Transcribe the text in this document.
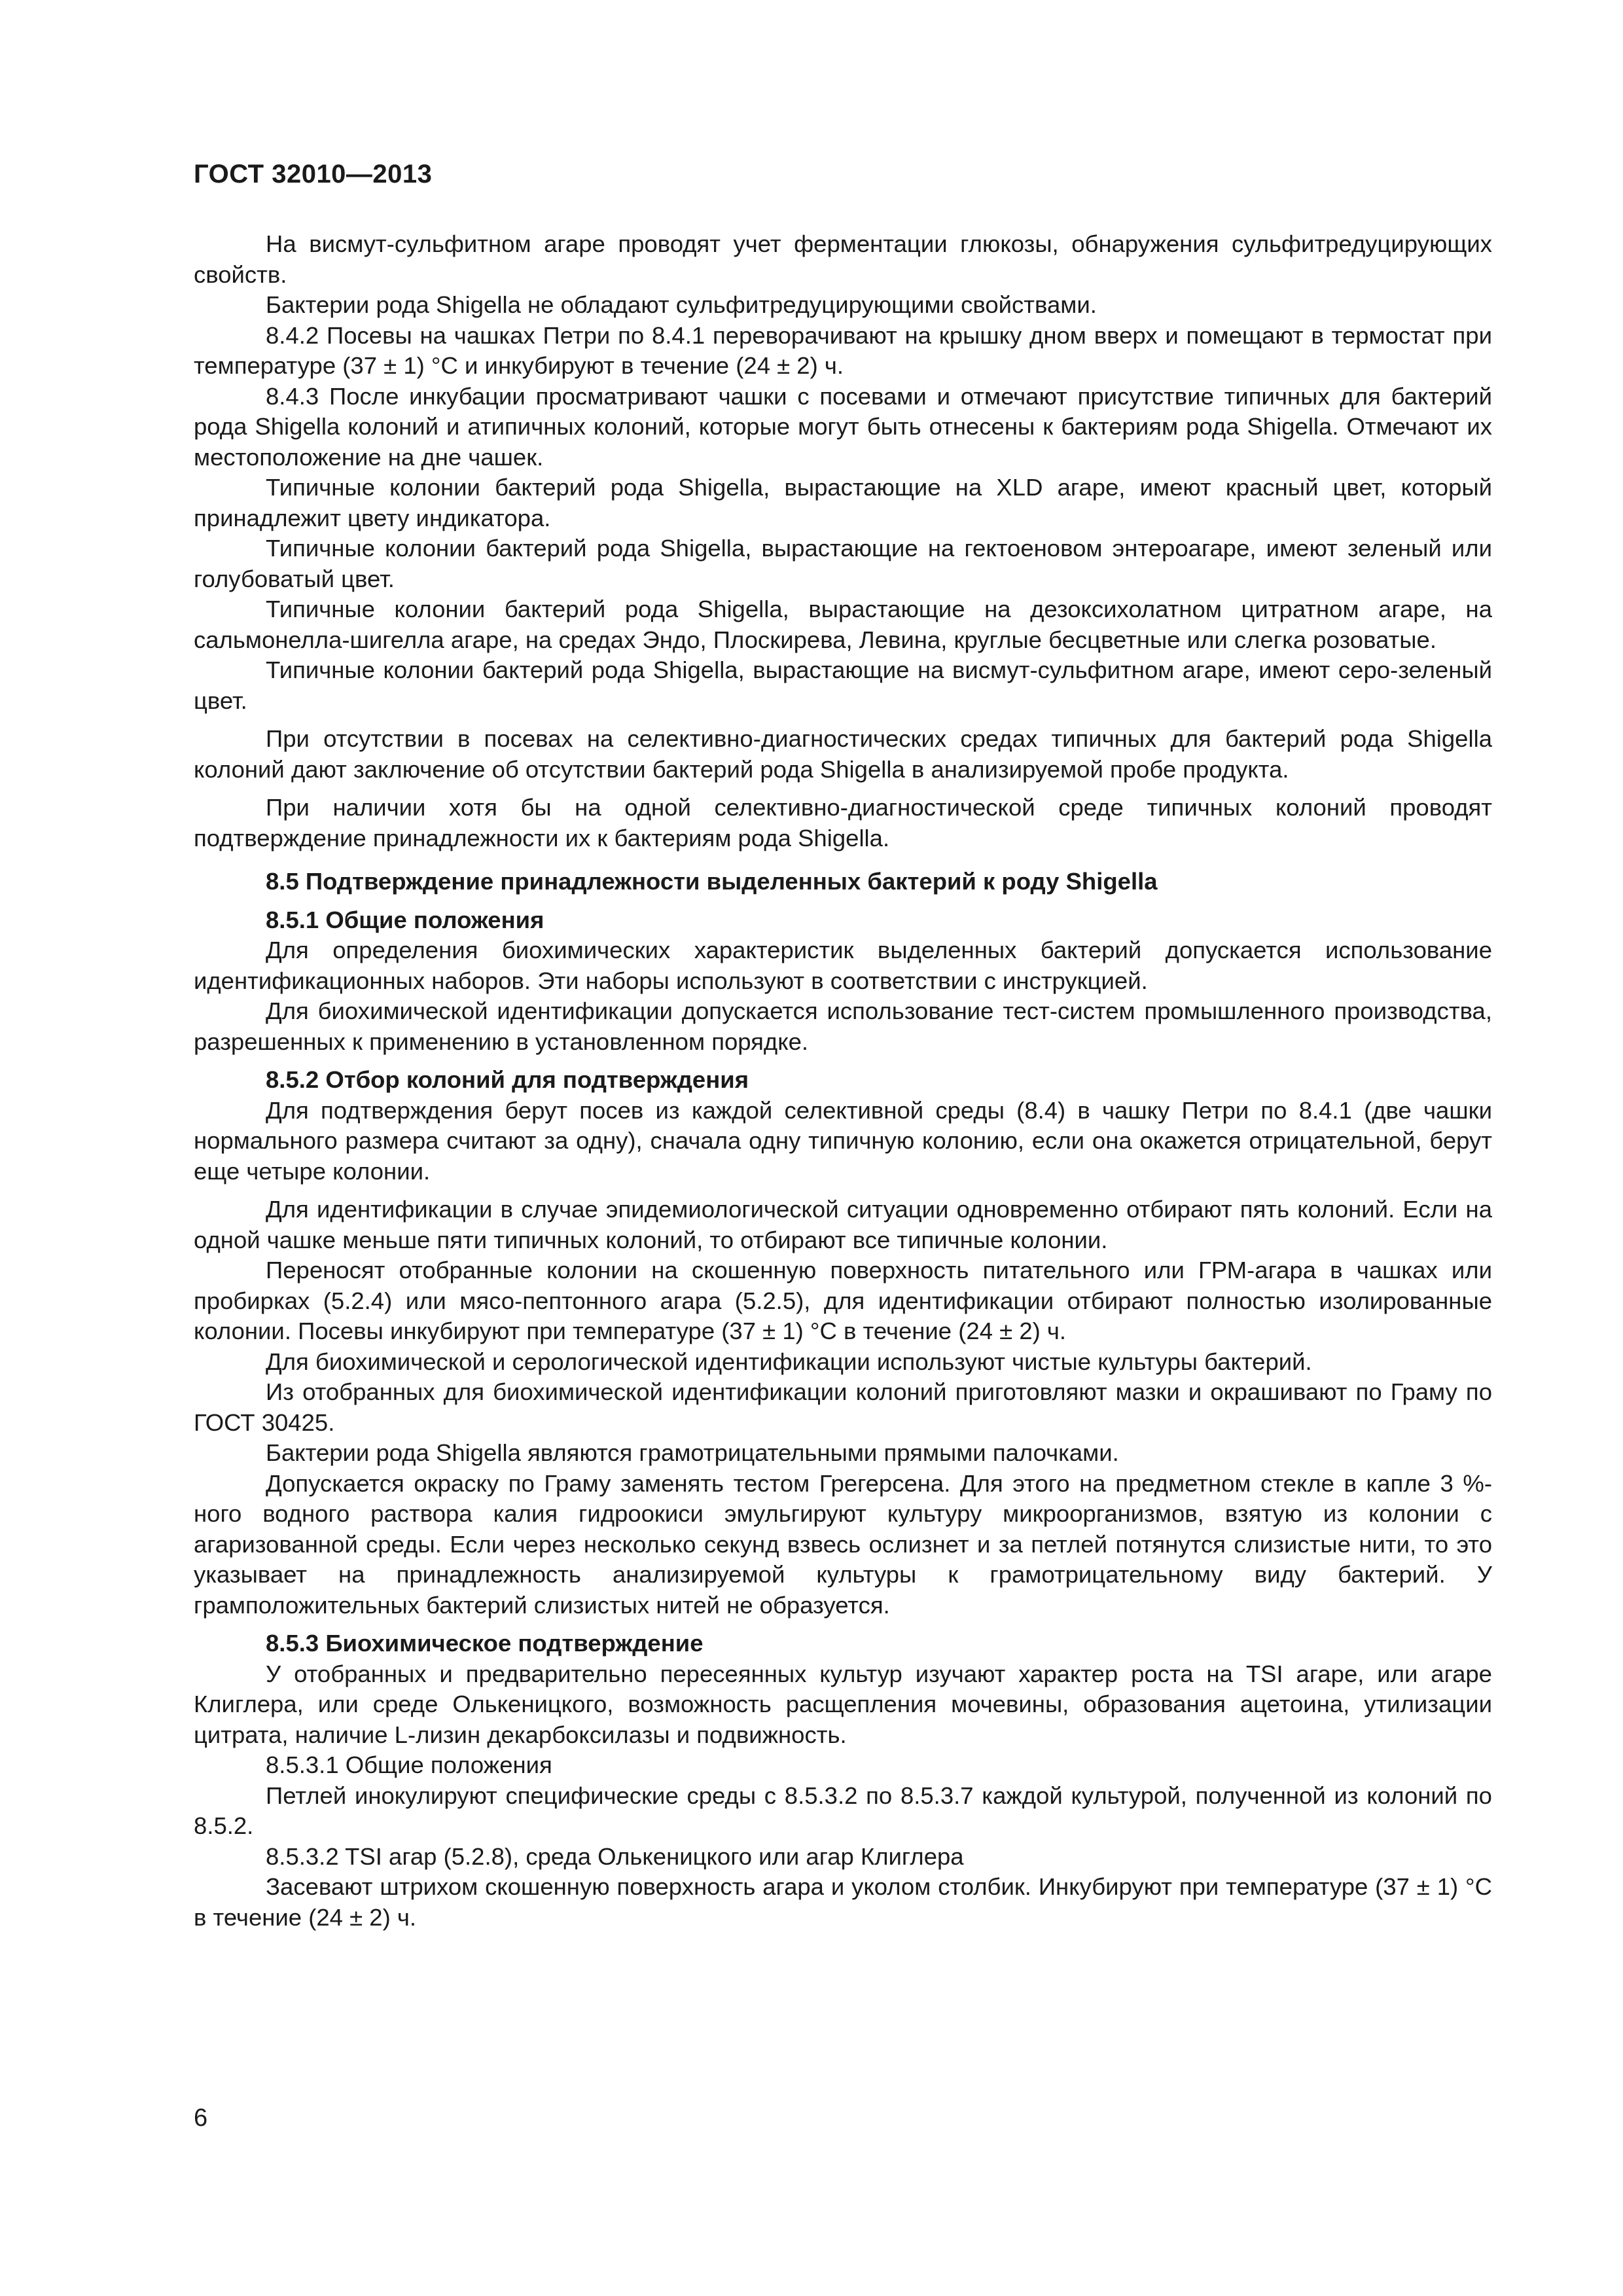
ГОСТ 32010—2013

На висмут-сульфитном агаре проводят учет ферментации глюкозы, обнаружения сульфитредуцирующих свойств.

Бактерии рода Shigella не обладают сульфитредуцирующими свойствами.

8.4.2 Посевы на чашках Петри по 8.4.1 переворачивают на крышку дном вверх и помещают в термостат при температуре (37 ± 1) °С и инкубируют в течение (24 ± 2) ч.

8.4.3 После инкубации просматривают чашки с посевами и отмечают присутствие типичных для бактерий рода Shigella колоний и атипичных колоний, которые могут быть отнесены к бактериям рода Shigella. Отмечают их местоположение на дне чашек.

Типичные колонии бактерий рода Shigella, вырастающие на XLD агаре, имеют красный цвет, который принадлежит цвету индикатора.

Типичные колонии бактерий рода Shigella, вырастающие на гектоеновом энтероагаре, имеют зеленый или голубоватый цвет.

Типичные колонии бактерий рода Shigella, вырастающие на дезоксихолатном цитратном агаре, на сальмонелла-шигелла агаре, на средах Эндо, Плоскирева, Левина, круглые бесцветные или слегка розоватые.

Типичные колонии бактерий рода Shigella, вырастающие на висмут-сульфитном агаре, имеют серо-зеленый цвет.

При отсутствии в посевах на селективно-диагностических средах типичных для бактерий рода Shigella колоний дают заключение об отсутствии бактерий рода Shigella в анализируемой пробе продукта.

При наличии хотя бы на одной селективно-диагностической среде типичных колоний проводят подтверждение принадлежности их к бактериям рода Shigella.

8.5 Подтверждение принадлежности выделенных бактерий к роду Shigella

8.5.1 Общие положения

Для определения биохимических характеристик выделенных бактерий допускается использование идентификационных наборов. Эти наборы используют в соответствии с инструкцией.

Для биохимической идентификации допускается использование тест-систем промышленного производства, разрешенных к применению в установленном порядке.

8.5.2 Отбор колоний для подтверждения

Для подтверждения берут посев из каждой селективной среды (8.4) в чашку Петри по 8.4.1 (две чашки нормального размера считают за одну), сначала одну типичную колонию, если она окажется отрицательной, берут еще четыре колонии.

Для идентификации в случае эпидемиологической ситуации одновременно отбирают пять колоний. Если на одной чашке меньше пяти типичных колоний, то отбирают все типичные колонии.

Переносят отобранные колонии на скошенную поверхность питательного или ГРМ-агара в чашках или пробирках (5.2.4) или мясо-пептонного агара (5.2.5), для идентификации отбирают полностью изолированные колонии. Посевы инкубируют при температуре (37 ± 1) °С в течение (24 ± 2) ч.

Для биохимической и серологической идентификации используют чистые культуры бактерий.

Из отобранных для биохимической идентификации колоний приготовляют мазки и окрашивают по Граму по ГОСТ 30425.

Бактерии рода Shigella являются грамотрицательными прямыми палочками.

Допускается окраску по Граму заменять тестом Грегерсена. Для этого на предметном стекле в капле 3 %-ного водного раствора калия гидроокиси эмульгируют культуру микроорганизмов, взятую из колонии с агаризованной среды. Если через несколько секунд взвесь ослизнет и за петлей потянутся слизистые нити, то это указывает на принадлежность анализируемой культуры к грамотрицательному виду бактерий. У грамположительных бактерий слизистых нитей не образуется.

8.5.3 Биохимическое подтверждение

У отобранных и предварительно пересеянных культур изучают характер роста на TSI агаре, или агаре Клиглера, или среде Олькеницкого, возможность расщепления мочевины, образования ацетоина, утилизации цитрата, наличие L-лизин декарбоксилазы и подвижность.

8.5.3.1 Общие положения

Петлей инокулируют специфические среды с 8.5.3.2 по 8.5.3.7 каждой культурой, полученной из колоний по 8.5.2.

8.5.3.2 TSI агар (5.2.8), среда Олькеницкого или агар Клиглера

Засевают штрихом скошенную поверхность агара и уколом столбик. Инкубируют при температуре (37 ± 1) °С в течение (24 ± 2) ч.

6
